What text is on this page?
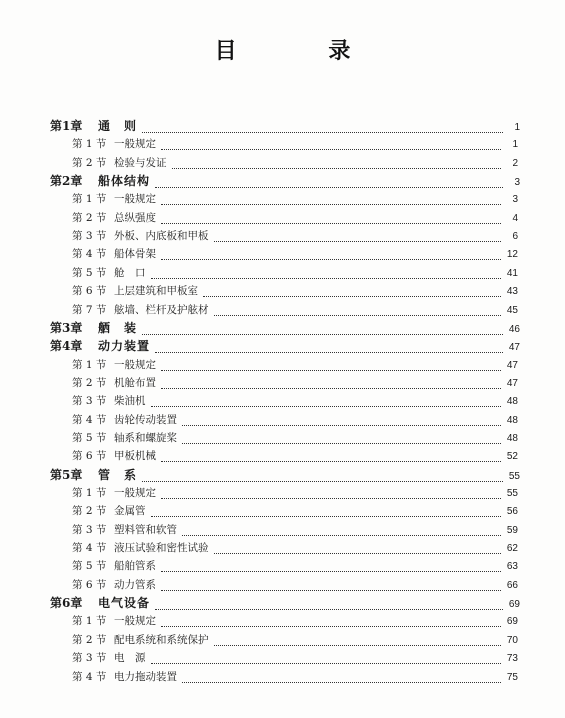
目 录
第1章	通　则	1
第 1 节 一般规定	1
第 2 节 检验与发证	2
第2章	船体结构	3
第 1 节 一般规定	3
第 2 节 总纵强度	4
第 3 节 外板、内底板和甲板	6
第 4 节 船体骨架	12
第 5 节 舱　口	41
第 6 节 上层建筑和甲板室	43
第 7 节 舷墙、栏杆及护舷材	45
第3章	舾　装	46
第4章	动力装置	47
第 1 节 一般规定	47
第 2 节 机舱布置	47
第 3 节 柴油机	48
第 4 节 齿轮传动装置	48
第 5 节 轴系和螺旋桨	48
第 6 节 甲板机械	52
第5章	管　系	55
第 1 节 一般规定	55
第 2 节 金属管	56
第 3 节 塑料管和软管	59
第 4 节 液压试验和密性试验	62
第 5 节 船舶管系	63
第 6 节 动力管系	66
第6章	电气设备	69
第 1 节 一般规定	69
第 2 节 配电系统和系统保护	70
第 3 节 电　源	73
第 4 节 电力拖动装置	75
